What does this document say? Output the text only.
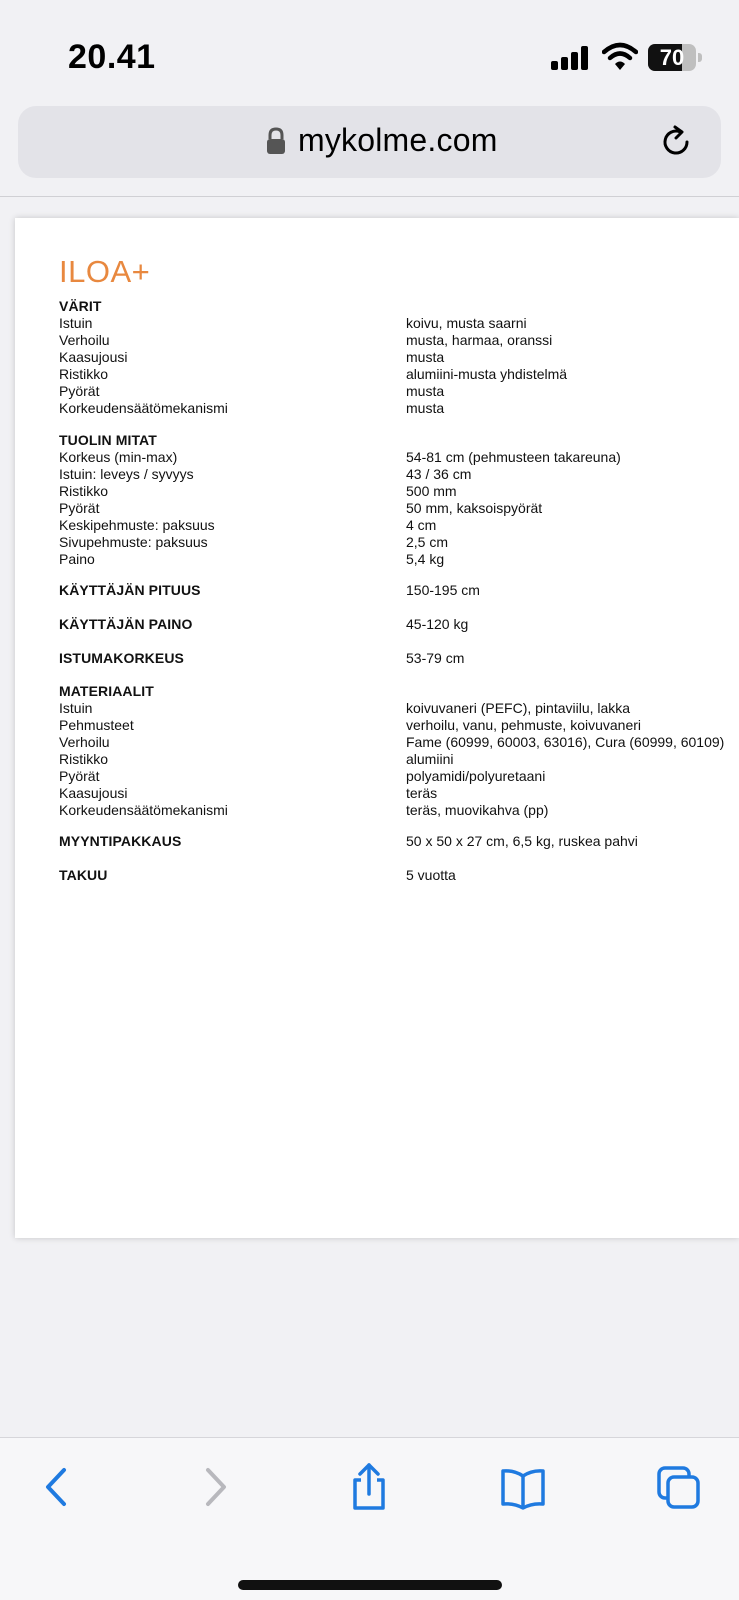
20.41	70
mykolme.com
ILOA+
VÄRIT
Istuin	koivu, musta saarni
Verhoilu	musta, harmaa, oranssi
Kaasujousi	musta
Ristikko	alumiini-musta yhdistelmä
Pyörät	musta
Korkeudensäätömekanismi	musta
TUOLIN MITAT
Korkeus (min-max)	54-81 cm (pehmusteen takareuna)
Istuin: leveys / syvyys	43 / 36 cm
Ristikko	500 mm
Pyörät	50 mm, kaksoispyörät
Keskipehmuste: paksuus	4 cm
Sivupehmuste: paksuus	2,5 cm
Paino	5,4 kg
KÄYTTÄJÄN PITUUS	150-195 cm
KÄYTTÄJÄN PAINO	45-120 kg
ISTUMAKORKEUS	53-79 cm
MATERIAALIT
Istuin	koivuvaneri (PEFC), pintaviilu, lakka
Pehmusteet	verhoilu, vanu, pehmuste, koivuvaneri
Verhoilu	Fame (60999, 60003, 63016), Cura (60999, 60109)
Ristikko	alumiini
Pyörät	polyamidi/polyuretaani
Kaasujousi	teräs
Korkeudensäätömekanismi	teräs, muovikahva (pp)
MYYNTIPAKKAUS	50 x 50 x 27 cm, 6,5 kg, ruskea pahvi
TAKUU	5 vuotta
